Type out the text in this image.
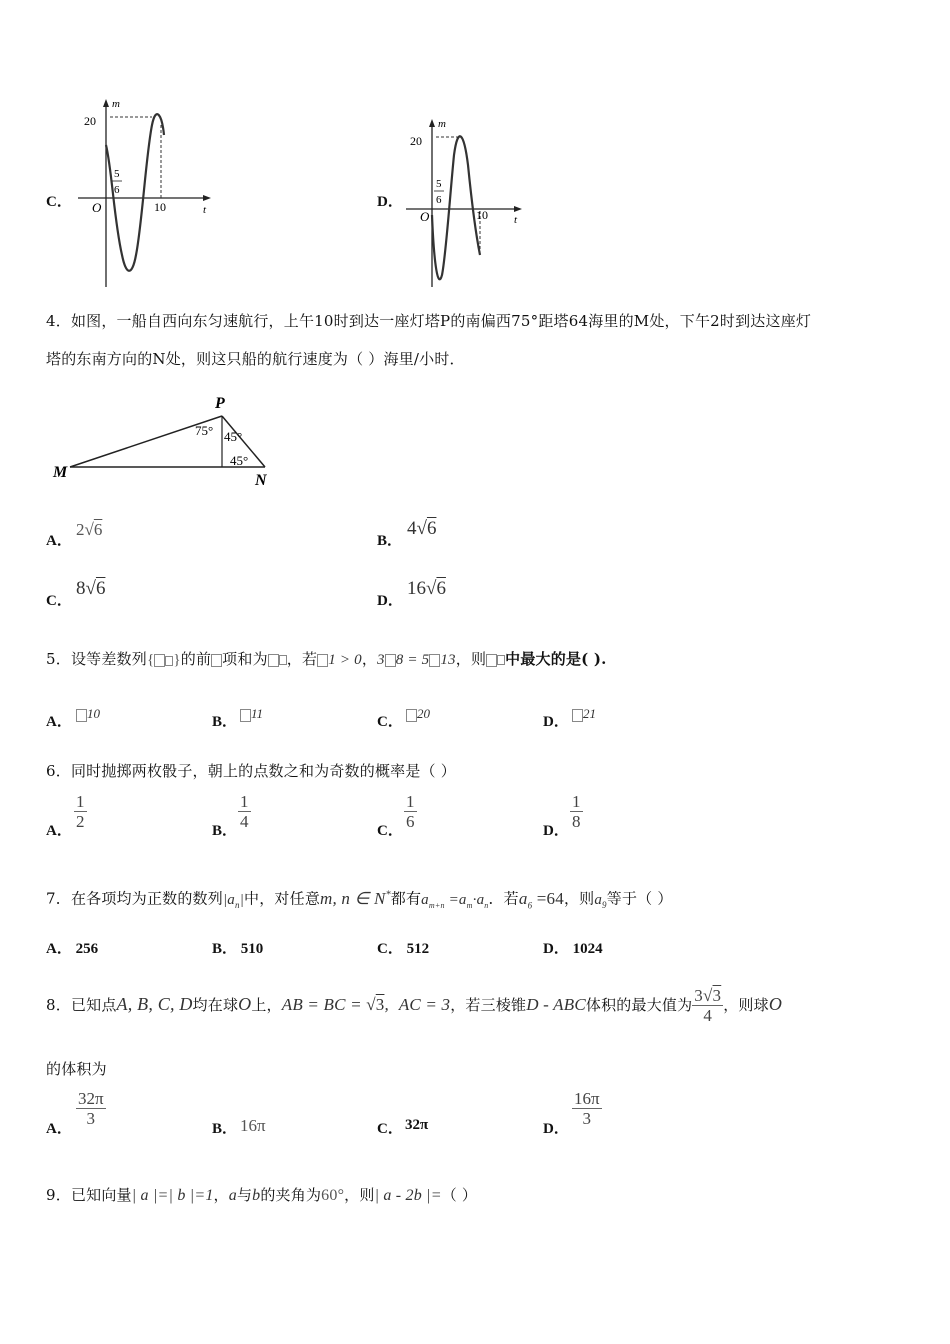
C．
m
20
O
5
6
10	t	D．
m
20
O
5
6
10 t
4．如图，一船自西向东匀速航行，上午10时到达一座灯塔P的南偏西75°距塔64海里的M处，下午2时到达这座灯
塔的东南方向的N处，则这只船的航行速度为（ ）海里/小时．
P
M	N
75° 45°
45°
A．
2√6
B．
4√6
C．
8√6
D．
16√6
5．设等差数列{ }的前 项和为 ，若 1 > 0，3 8 = 5 13，则 中最大的是( ).
A．
10
B．
11
C．
20
D．
21
6．同时抛掷两枚骰子，朝上的点数之和为奇数的概率是（ ）
A．
1
2	B．
1
4	C．
1
6	D．
1
8
7．在各项均为正数的数列$|a_n|$中，对任意m, n ∈ N*都有$a_{m+n} =a_m\cdot a_n$．若$a_6 =64$，则$a_9$等于（ ）
A． 256	B． 510	C． 512	D． 1024
8．已知点A, B, C, D均在球O上，AB = BC = √3, AC = 3，若三棱锥D - ABC体积的最大值为 $\frac{3√3}{4}$ ，则球O
的体积为
A．
32π
3
B． 16π	C． 32π	D．
16π
3
9．已知向量| a |=| b |=1，a与b的夹角为60°，则| a - 2b |=（ ）
